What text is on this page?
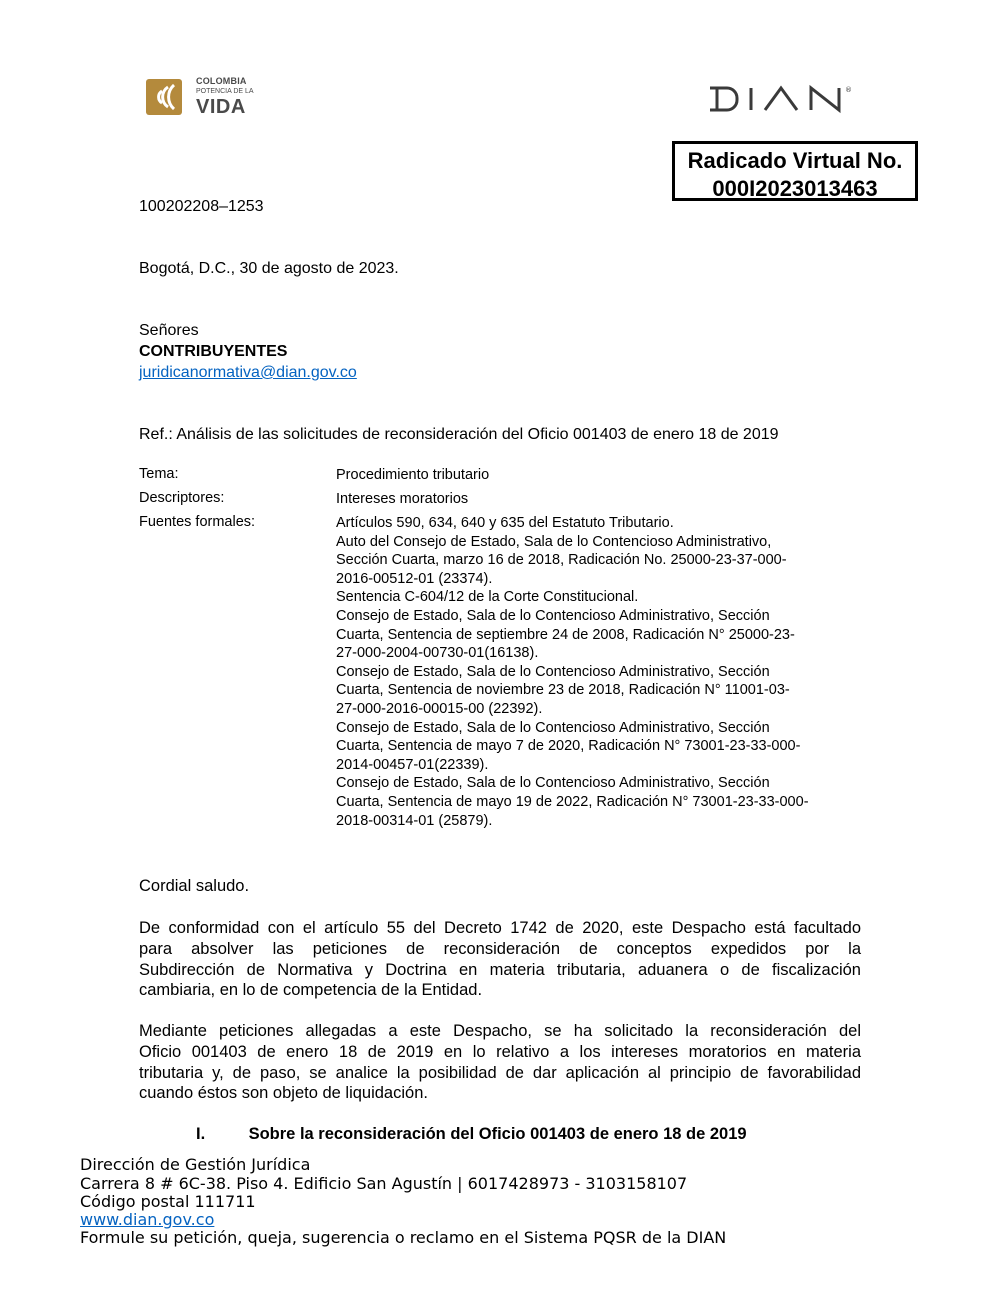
COLOMBIA
POTENCIA DE LA
VIDA
®
Radicado Virtual No.
000I2023013463
100202208–1253
Bogotá, D.C., 30 de agosto de 2023.
Señores
CONTRIBUYENTES
juridicanormativa@dian.gov.co
Ref.: Análisis de las solicitudes de reconsideración del Oficio 001403 de enero 18 de 2019
Tema:	Procedimiento tributario
Descriptores:	Intereses moratorios
Fuentes formales:	Artículos 590, 634, 640 y 635 del Estatuto Tributario.
Auto del Consejo de Estado, Sala de lo Contencioso Administrativo,
Sección Cuarta, marzo 16 de 2018, Radicación No. 25000-23-37-000-
2016-00512-01 (23374).
Sentencia C-604/12 de la Corte Constitucional.
Consejo de Estado, Sala de lo Contencioso Administrativo, Sección
Cuarta, Sentencia de septiembre 24 de 2008, Radicación N° 25000-23-
27-000-2004-00730-01(16138).
Consejo de Estado, Sala de lo Contencioso Administrativo, Sección
Cuarta, Sentencia de noviembre 23 de 2018, Radicación N° 11001-03-
27-000-2016-00015-00 (22392).
Consejo de Estado, Sala de lo Contencioso Administrativo, Sección
Cuarta, Sentencia de mayo 7 de 2020, Radicación N° 73001-23-33-000-
2014-00457-01(22339).
Consejo de Estado, Sala de lo Contencioso Administrativo, Sección
Cuarta, Sentencia de mayo 19 de 2022, Radicación N° 73001-23-33-000-
2018-00314-01 (25879).
Cordial saludo.
De conformidad con el artículo 55 del Decreto 1742 de 2020, este Despacho está facultado
para absolver las peticiones de reconsideración de conceptos expedidos por la
Subdirección de Normativa y Doctrina en materia tributaria, aduanera o de fiscalización
cambiaria, en lo de competencia de la Entidad.
Mediante peticiones allegadas a este Despacho, se ha solicitado la reconsideración del
Oficio 001403 de enero 18 de 2019 en lo relativo a los intereses moratorios en materia
tributaria y, de paso, se analice la posibilidad de dar aplicación al principio de favorabilidad
cuando éstos son objeto de liquidación.
I.	Sobre la reconsideración del Oficio 001403 de enero 18 de 2019
Dirección de Gestión Jurídica
Carrera 8 # 6C-38. Piso 4. Edificio San Agustín | 6017428973 - 3103158107
Código postal 111711
www.dian.gov.co
Formule su petición, queja, sugerencia o reclamo en el Sistema PQSR de la DIAN
